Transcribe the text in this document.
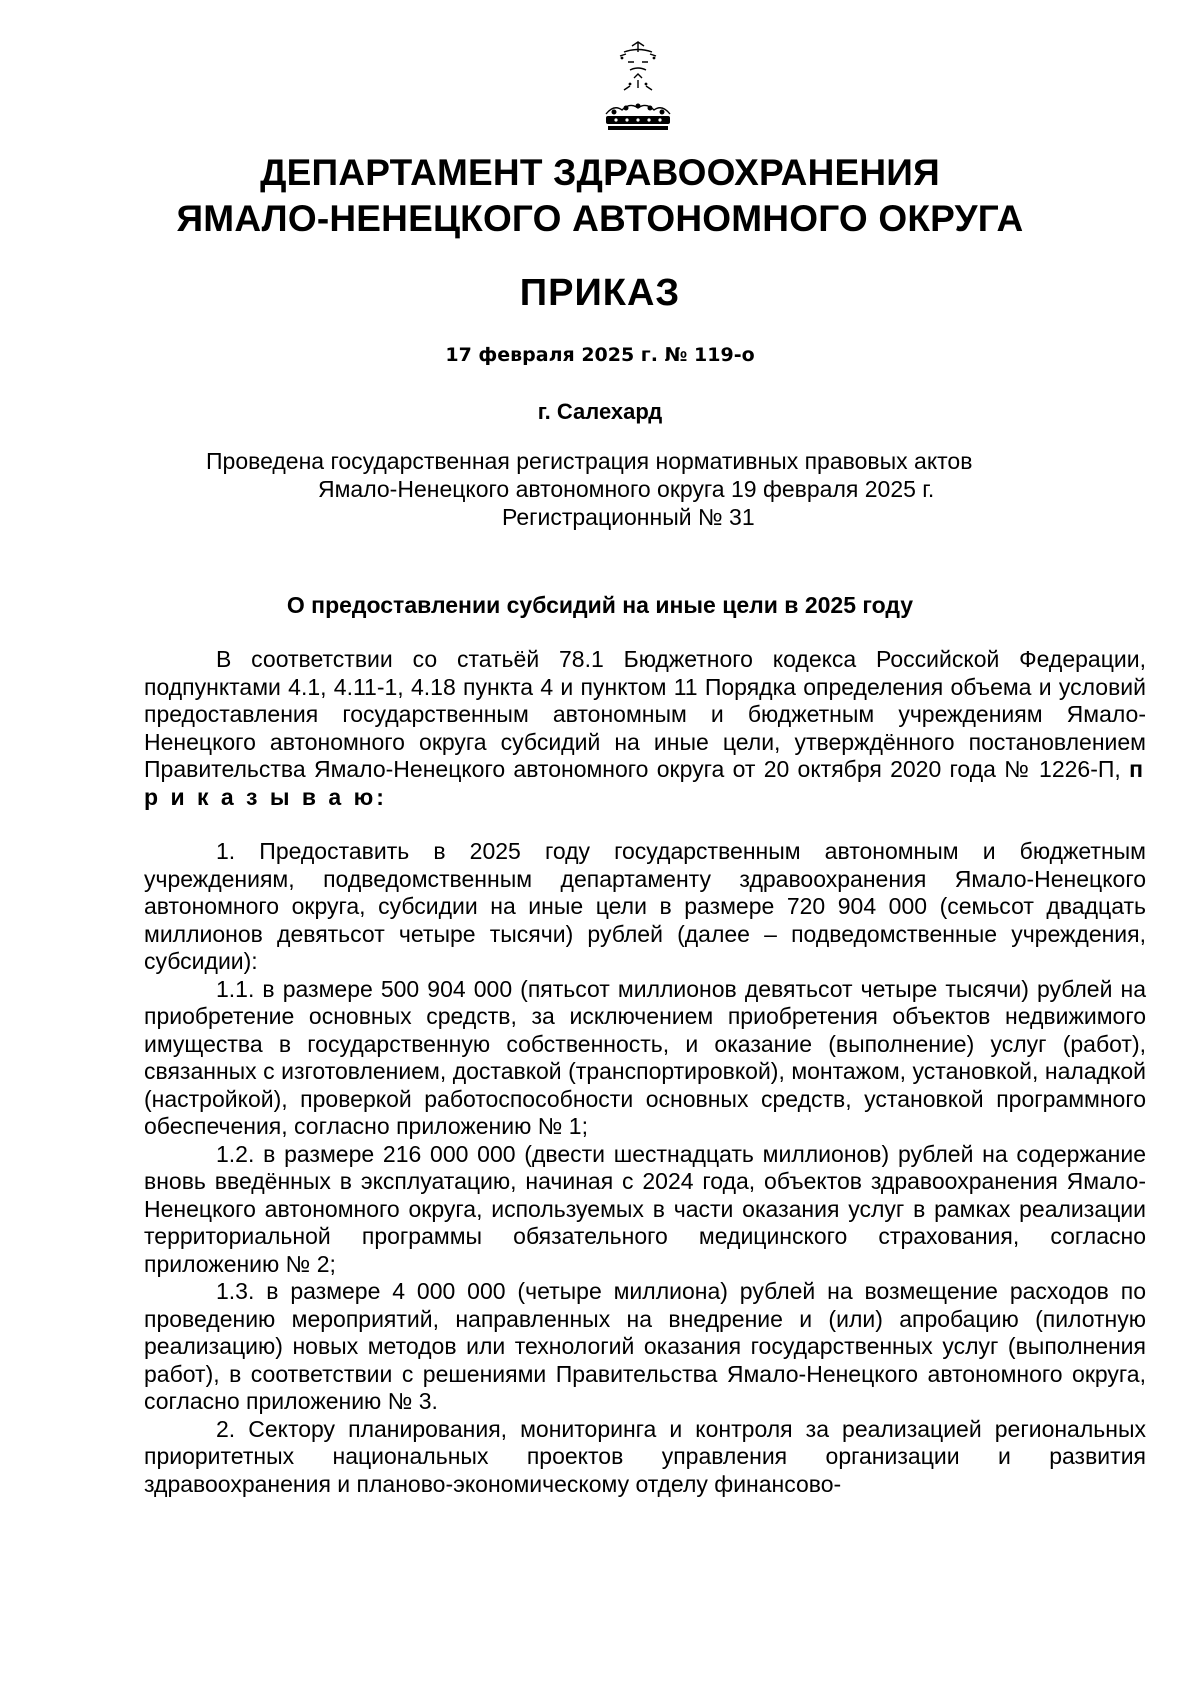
ДЕПАРТАМЕНТ ЗДРАВООХРАНЕНИЯ
ЯМАЛО-НЕНЕЦКОГО АВТОНОМНОГО ОКРУГА
ПРИКАЗ
17 февраля 2025 г. № 119-о
г. Салехард
Проведена государственная регистрация нормативных правовых актов
Ямало-Ненецкого автономного округа 19 февраля 2025 г.
Регистрационный № 31
О предоставлении субсидий на иные цели в 2025 году

В соответствии со статьёй 78.1 Бюджетного кодекса Российской Федерации, подпунктами 4.1, 4.11-1, 4.18 пункта 4 и пунктом 11 Порядка определения объема и условий предоставления государственным автономным и бюджетным учреждениям Ямало-Ненецкого автономного округа субсидий на иные цели, утверждённого постановлением Правительства Ямало-Ненецкого автономного округа от 20 октября 2020 года № 1226-П, п р и к а з ы в а ю:

1. Предоставить в 2025 году государственным автономным и бюджетным учреждениям, подведомственным департаменту здравоохранения Ямало-Ненецкого автономного округа, субсидии на иные цели в размере 720 904 000 (семьсот двадцать миллионов девятьсот четыре тысячи) рублей (далее – подведомственные учреждения, субсидии):

1.1. в размере 500 904 000 (пятьсот миллионов девятьсот четыре тысячи) рублей на приобретение основных средств, за исключением приобретения объектов недвижимого имущества в государственную собственность, и оказание (выполнение) услуг (работ), связанных с изготовлением, доставкой (транспортировкой), монтажом, установкой, наладкой (настройкой), проверкой работоспособности основных средств, установкой программного обеспечения, согласно приложению № 1;

1.2. в размере 216 000 000 (двести шестнадцать миллионов) рублей на содержание вновь введённых в эксплуатацию, начиная с 2024 года, объектов здравоохранения Ямало-Ненецкого автономного округа, используемых в части оказания услуг в рамках реализации территориальной программы обязательного медицинского страхования, согласно приложению № 2;

1.3. в размере 4 000 000 (четыре миллиона) рублей на возмещение расходов по проведению мероприятий, направленных на внедрение и (или) апробацию (пилотную реализацию) новых методов или технологий оказания государственных услуг (выполнения работ), в соответствии с решениями Правительства Ямало-Ненецкого автономного округа, согласно приложению № 3.

2. Сектору планирования, мониторинга и контроля за реализацией региональных приоритетных национальных проектов управления организации и развития здравоохранения и планово-экономическому отделу финансово-
